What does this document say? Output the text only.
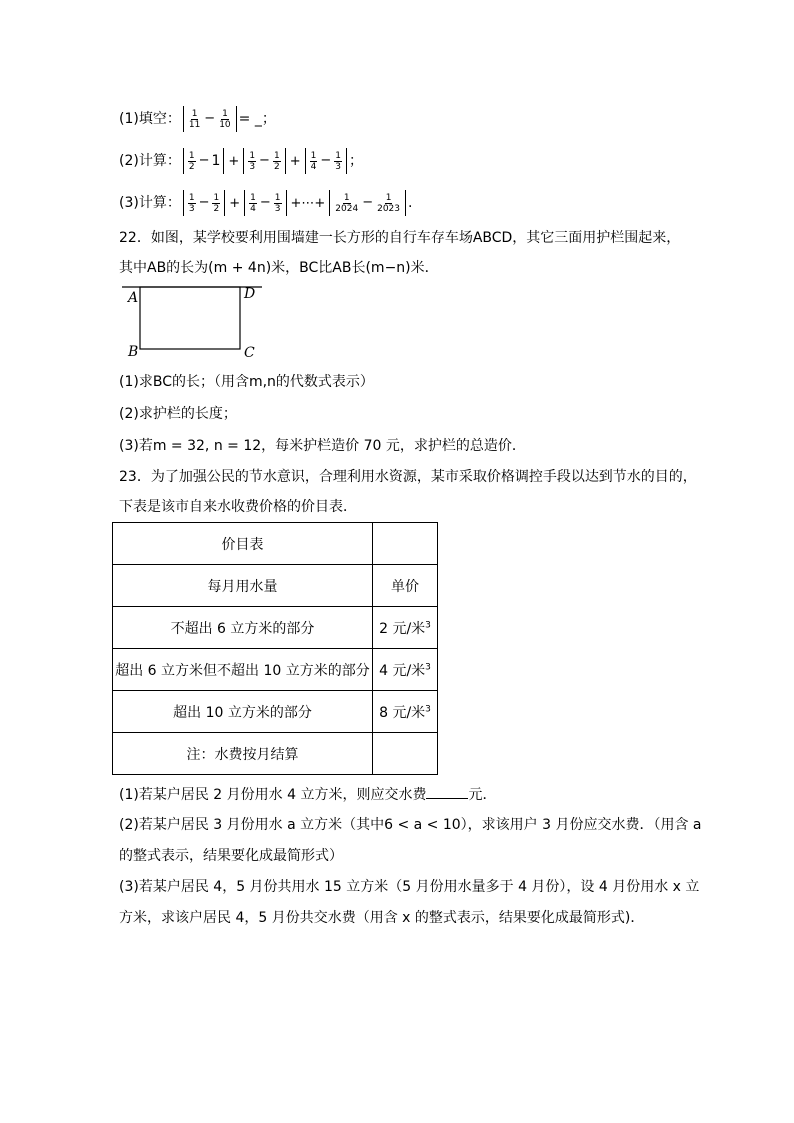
(1)填空： $\frac{1}{11} - \frac{1}{10}$ = _；
(2)计算： $\frac{1}{2} - 1 + \frac{1}{3} - \frac{1}{2} + \frac{1}{4} - \frac{1}{3}$ ；
(3)计算： $\frac{1}{3} - \frac{1}{2} + \frac{1}{4} - \frac{1}{3}$ +⋯+ $\frac{1}{2024} - \frac{1}{2023}$ .
22．如图，某学校要利用围墙建一长方形的自行车存车场ABCD，其它三面用护栏围起来，
其中AB的长为(m + 4n)米，BC比AB长(m−n)米．
A	D
B	C
(1)求BC的长；（用含m,n的代数式表示）
(2)求护栏的长度；
(3)若m = 32, n = 12，每米护栏造价 70 元，求护栏的总造价．
23．为了加强公民的节水意识，合理利用水资源，某市采取价格调控手段以达到节水的目的，
下表是该市自来水收费价格的价目表．
价目表	
每月用水量	单价
不超出 6 立方米的部分	2 元/米$^3$
超出 6 立方米但不超出 10 立方米的部分	4 元/米$^3$
超出 10 立方米的部分	8 元/米$^3$
注：水费按月结算	
(1)若某户居民 2 月份用水 4 立方米，则应交水费	元．
(2)若某户居民 3 月份用水 a 立方米（其中6 < a < 10），求该用户 3 月份应交水费．（用含 a
的整式表示，结果要化成最简形式）
(3)若某户居民 4，5 月份共用水 15 立方米（5 月份用水量多于 4 月份），设 4 月份用水 x 立
方米，求该户居民 4，5 月份共交水费（用含 x 的整式表示，结果要化成最简形式)．
